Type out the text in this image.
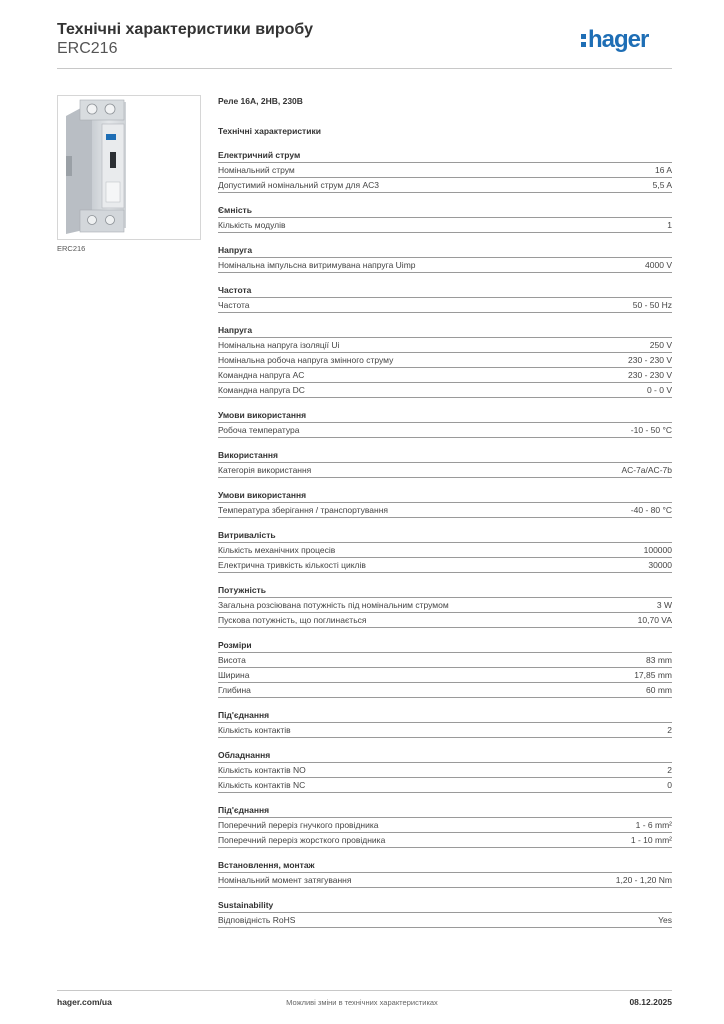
Технічні характеристики виробу
ERC216	hager
ERC216
Реле 16А, 2НВ, 230В
Технічні характеристики
Електричний струм
Номінальний струм	16 A
Допустимий номінальний струм для AC3	5,5 A
Ємність
Кількість модулів	1
Напруга
Номінальна імпульсна витримувана напруга Uimp	4000 V
Частота
Частота	50 - 50 Hz
Напруга
Номінальна напруга ізоляції Ui	250 V
Номінальна робоча напруга змінного струму	230 - 230 V
Командна напруга AC	230 - 230 V
Командна напруга DC	0 - 0 V
Умови використання
Робоча температура	-10 - 50 °C
Використання
Категорія використання	AC-7a/AC-7b
Умови використання
Температура зберігання / транспортування	-40 - 80 °C
Витривалість
Кількість механічних процесів	100000
Електрична тривкість кількості циклів	30000
Потужність
Загальна розсіювана потужність під номінальним струмом	3 W
Пускова потужність, що поглинається	10,70 VA
Розміри
Висота	83 mm
Ширина	17,85 mm
Глибина	60 mm
Під'єднання
Кількість контактів	2
Обладнання
Кількість контактів NO	2
Кількість контактів NC	0
Під'єднання
Поперечний переріз гнучкого провідника	1 - 6 mm²
Поперечний переріз жорсткого провідника	1 - 10 mm²
Встановлення, монтаж
Номінальний момент затягування	1,20 - 1,20 Nm
Sustainability
Відповідність RoHS	Yes
hager.com/ua	Можливі зміни в технічних характеристиках	08.12.2025
